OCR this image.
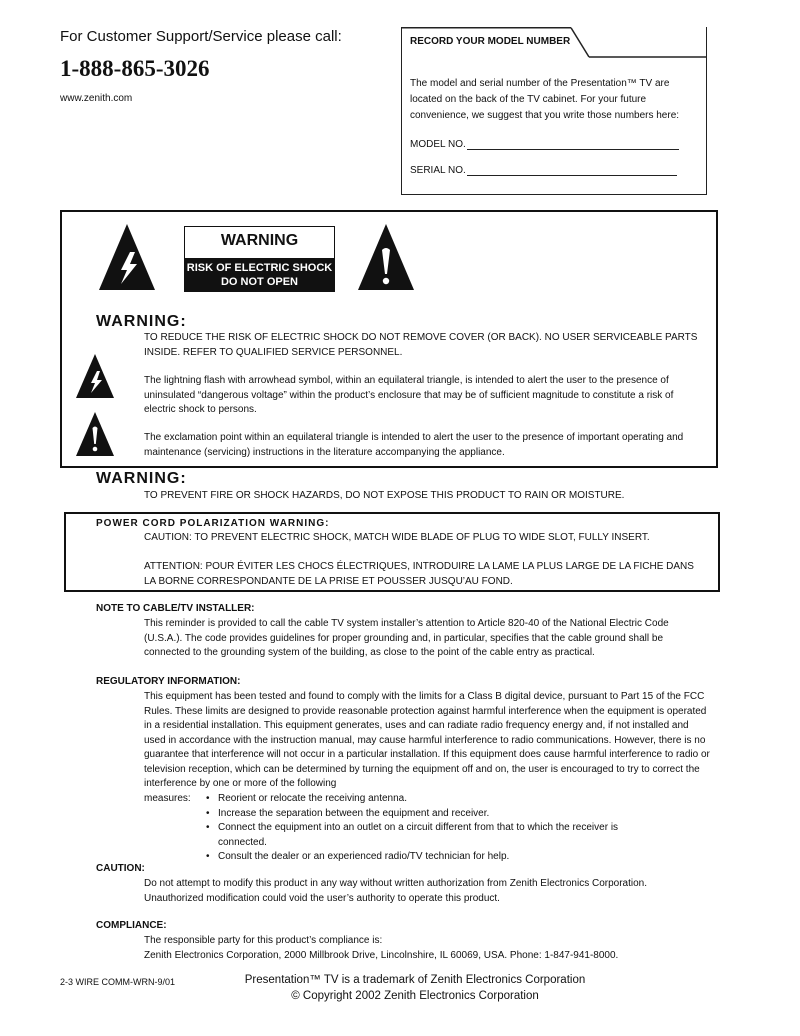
For Customer Support/Service please call:
1-888-865-3026
www.zenith.com
RECORD YOUR MODEL NUMBER
The model and serial number of the Presentation™ TV are located on the back of the TV cabinet. For your future convenience, we suggest that you write those numbers here:
MODEL NO.
SERIAL NO.
WARNING
RISK OF ELECTRIC SHOCK
DO NOT OPEN
WARNING:
TO REDUCE THE RISK OF ELECTRIC SHOCK DO NOT REMOVE COVER (OR BACK). NO USER SERVICEABLE PARTS INSIDE. REFER TO QUALIFIED SERVICE PERSONNEL.
The lightning flash with arrowhead symbol, within an equilateral triangle, is intended to alert the user to the presence of uninsulated “dangerous voltage” within the product’s enclosure that may be of sufficient magnitude to constitute a risk of electric shock to persons.
The exclamation point within an equilateral triangle is intended to alert the user to the presence of important operating and maintenance (servicing) instructions in the literature accompanying the appliance.
WARNING:
TO PREVENT FIRE OR SHOCK HAZARDS, DO NOT EXPOSE THIS PRODUCT TO RAIN OR MOISTURE.
POWER CORD POLARIZATION WARNING:
CAUTION: TO PREVENT ELECTRIC SHOCK, MATCH WIDE BLADE OF PLUG TO WIDE SLOT, FULLY INSERT.
ATTENTION: POUR ÉVITER LES CHOCS ÉLECTRIQUES, INTRODUIRE LA LAME LA PLUS LARGE DE LA FICHE DANS LA BORNE CORRESPONDANTE DE LA PRISE ET POUSSER JUSQU’AU FOND.
NOTE TO CABLE/TV INSTALLER:
This reminder is provided to call the cable TV system installer’s attention to Article 820-40 of the National Electric Code (U.S.A.). The code provides guidelines for proper grounding and, in particular, specifies that the cable ground shall be connected to the grounding system of the building, as close to the point of the cable entry as practical.
REGULATORY INFORMATION:
This equipment has been tested and found to comply with the limits for a Class B digital device, pursuant to Part 15 of the FCC Rules. These limits are designed to provide reasonable protection against harmful interference when the equipment is operated in a residential installation. This equipment generates, uses and can radiate radio frequency energy and, if not installed and used in accordance with the instruction manual, may cause harmful interference to radio communications. However, there is no guarantee that interference will not occur in a particular installation. If this equipment does cause harmful interference to radio or television reception, which can be determined by turning the equipment off and on, the user is encouraged to try to correct the interference by one or more of the following
measures:
•	Reorient or relocate the receiving antenna.
• Increase the separation between the equipment and receiver.
• Connect the equipment into an outlet on a circuit different from that to which the receiver is connected.
• Consult the dealer or an experienced radio/TV technician for help.
CAUTION:
Do not attempt to modify this product in any way without written authorization from Zenith Electronics Corporation. Unauthorized modification could void the user’s authority to operate this product.
COMPLIANCE:
The responsible party for this product’s compliance is:
Zenith Electronics Corporation, 2000 Millbrook Drive, Lincolnshire, IL 60069, USA. Phone: 1-847-941-8000.
2-3 WIRE COMM-WRN-9/01	Presentation™ TV is a trademark of Zenith Electronics Corporation
© Copyright 2002 Zenith Electronics Corporation
